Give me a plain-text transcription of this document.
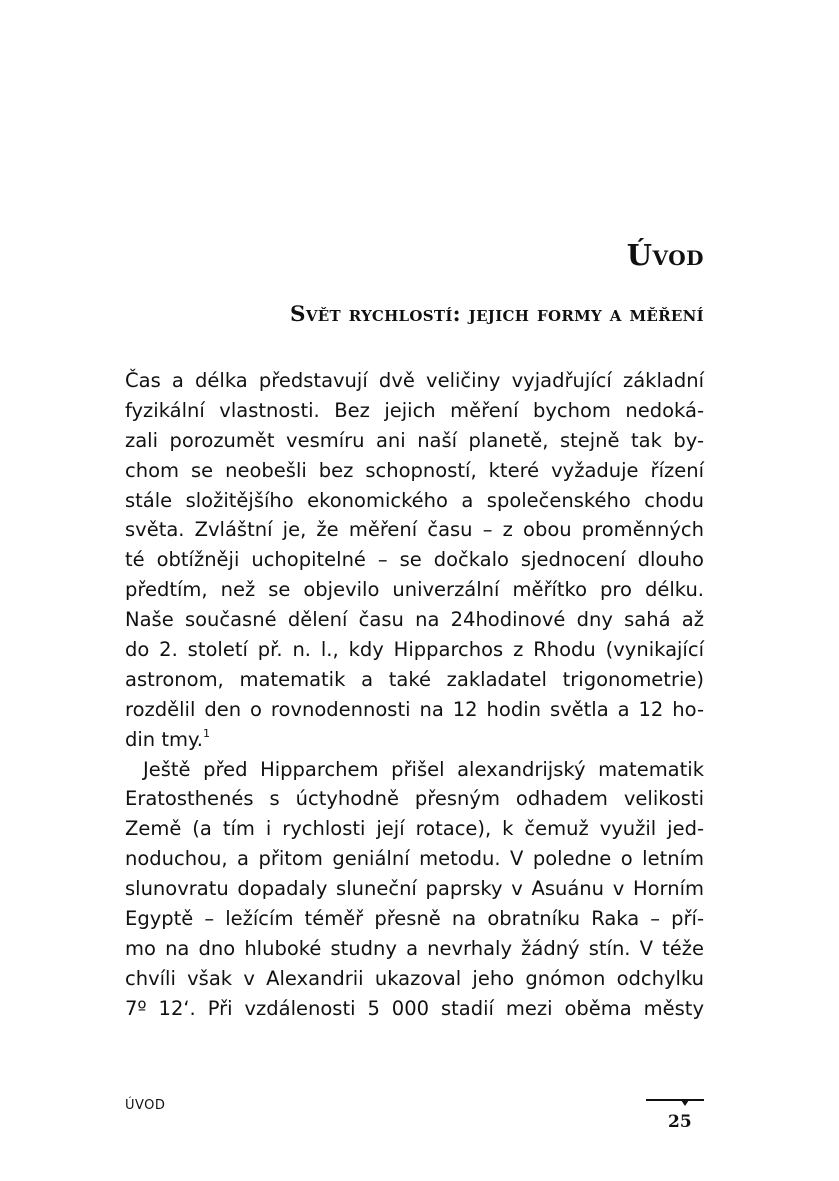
Úvod
Svět rychlostí: jejich formy a měření
Čas a délka představují dvě veličiny vyjadřující základní
fyzikální vlastnosti. Bez jejich měření bychom nedoká-
zali porozumět vesmíru ani naší planetě, stejně tak by-
chom se neobešli bez schopností, které vyžaduje řízení
stále složitějšího ekonomického a společenského chodu
světa. Zvláštní je, že měření času – z obou proměnných
té obtížněji uchopitelné – se dočkalo sjednocení dlouho
předtím, než se objevilo univerzální měřítko pro délku.
Naše současné dělení času na 24hodinové dny sahá až
do 2. století př. n. l., kdy Hipparchos z Rhodu (vynikající
astronom, matematik a také zakladatel trigonometrie)
rozdělil den o rovnodennosti na 12 hodin světla a 12 ho-
din tmy.$^1$
Ještě před Hipparchem přišel alexandrijský matematik
Eratosthenés s úctyhodně přesným odhadem velikosti
Země (a tím i rychlosti její rotace), k čemuž využil jed-
noduchou, a přitom geniální metodu. V poledne o letním
slunovratu dopadaly sluneční paprsky v Asuánu v Horním
Egyptě – ležícím téměř přesně na obratníku Raka – pří-
mo na dno hluboké studny a nevrhaly žádný stín. V téže
chvíli však v Alexandrii ukazoval jeho gnómon odchylku
7º 12‘. Při vzdálenosti 5 000 stadií mezi oběma městy
ÚVOD
25
